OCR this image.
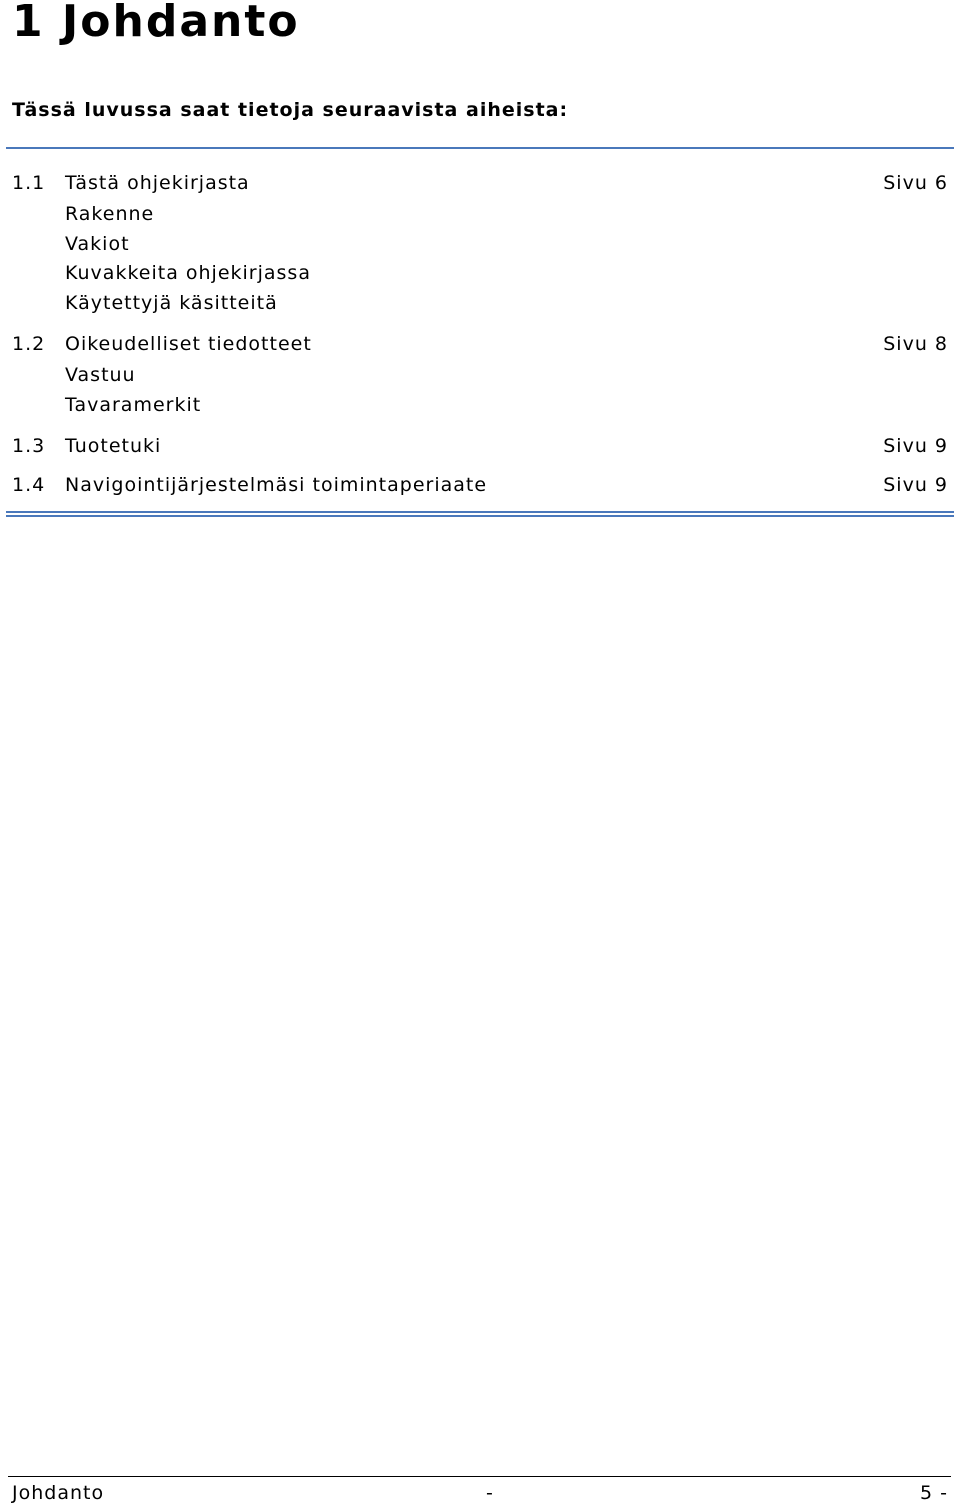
1 Johdanto

Tässä luvussa saat tietoja seuraavista aiheista:

1.1 Tästä ohjekirjasta	Sivu 6
Rakenne
Vakiot
Kuvakkeita ohjekirjassa
Käytettyjä käsitteitä
1.2 Oikeudelliset tiedotteet	Sivu 8
Vastuu
Tavaramerkit
1.3 Tuotetuki	Sivu 9
1.4 Navigointijärjestelmäsi toimintaperiaate	Sivu 9
Johdanto	-	5 -
